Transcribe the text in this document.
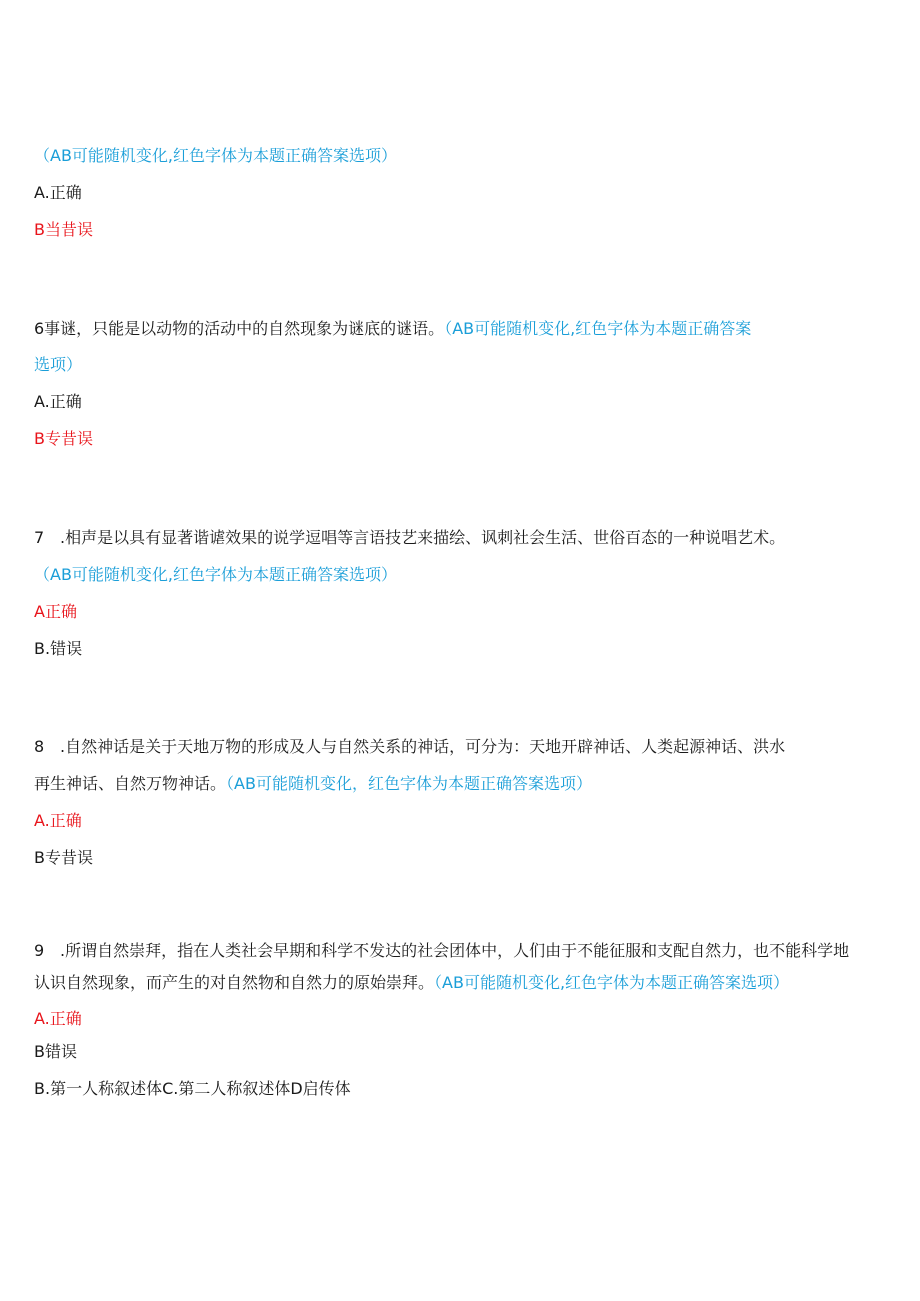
（AB可能随机变化,红色字体为本题正确答案选项）
A.正确
B当昔误
6事谜，只能是以动物的活动中的自然现象为谜底的谜语。（AB可能随机变化,红色字体为本题正确答案
选项）
A.正确
B专昔误
7 .相声是以具有显著谐谑效果的说学逗唱等言语技艺来描绘、讽刺社会生活、世俗百态的一种说唱艺术。
（AB可能随机变化,红色字体为本题正确答案选项）
A正确
B.错误
8 .自然神话是关于天地万物的形成及人与自然关系的神话，可分为：天地开辟神话、人类起源神话、洪水
再生神话、自然万物神话。（AB可能随机变化，红色字体为本题正确答案选项）
A.正确
B专昔误
9 .所谓自然崇拜，指在人类社会早期和科学不发达的社会团体中，人们由于不能征服和支配自然力，也不能科学地
认识自然现象，而产生的对自然物和自然力的原始崇拜。（AB可能随机变化,红色字体为本题正确答案选项）
A.正确
B错误
B.第一人称叙述体C.第二人称叙述体D启传体
